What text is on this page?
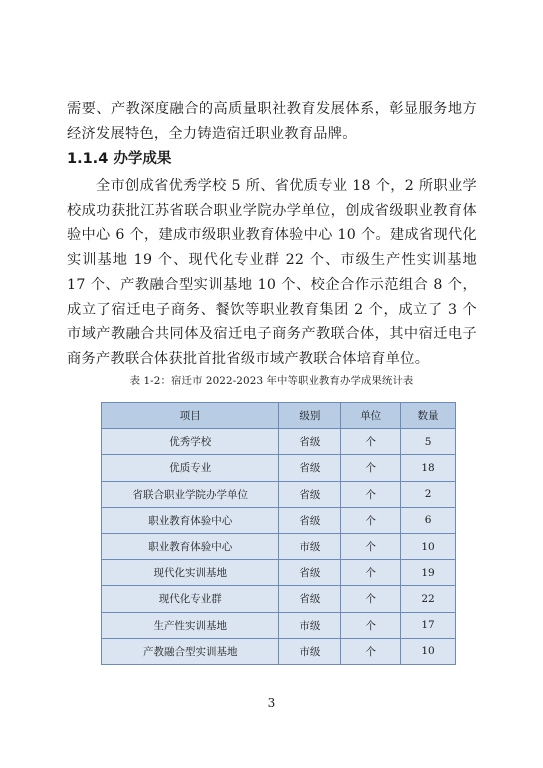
需要、产教深度融合的高质量职社教育发展体系，彰显服务地方经济发展特色，全力铸造宿迁职业教育品牌。

1.1.4 办学成果

全市创成省优秀学校 5 所、省优质专业 18 个，2 所职业学校成功获批江苏省联合职业学院办学单位，创成省级职业教育体验中心 6 个，建成市级职业教育体验中心 10 个。建成省现代化实训基地 19 个、现代化专业群 22 个、市级生产性实训基地 17 个、产教融合型实训基地 10 个、校企合作示范组合 8 个，成立了宿迁电子商务、餐饮等职业教育集团 2 个，成立了 3 个市域产教融合共同体及宿迁电子商务产教联合体，其中宿迁电子商务产教联合体获批首批省级市域产教联合体培育单位。

表 1-2：宿迁市 2022-2023 年中等职业教育办学成果统计表
项目	级别	单位	数量
优秀学校	省级	个	5
优质专业	省级	个	18
省联合职业学院办学单位	省级	个	2
职业教育体验中心	省级	个	6
职业教育体验中心	市级	个	10
现代化实训基地	省级	个	19
现代化专业群	省级	个	22
生产性实训基地	市级	个	17
产教融合型实训基地	市级	个	10
3
